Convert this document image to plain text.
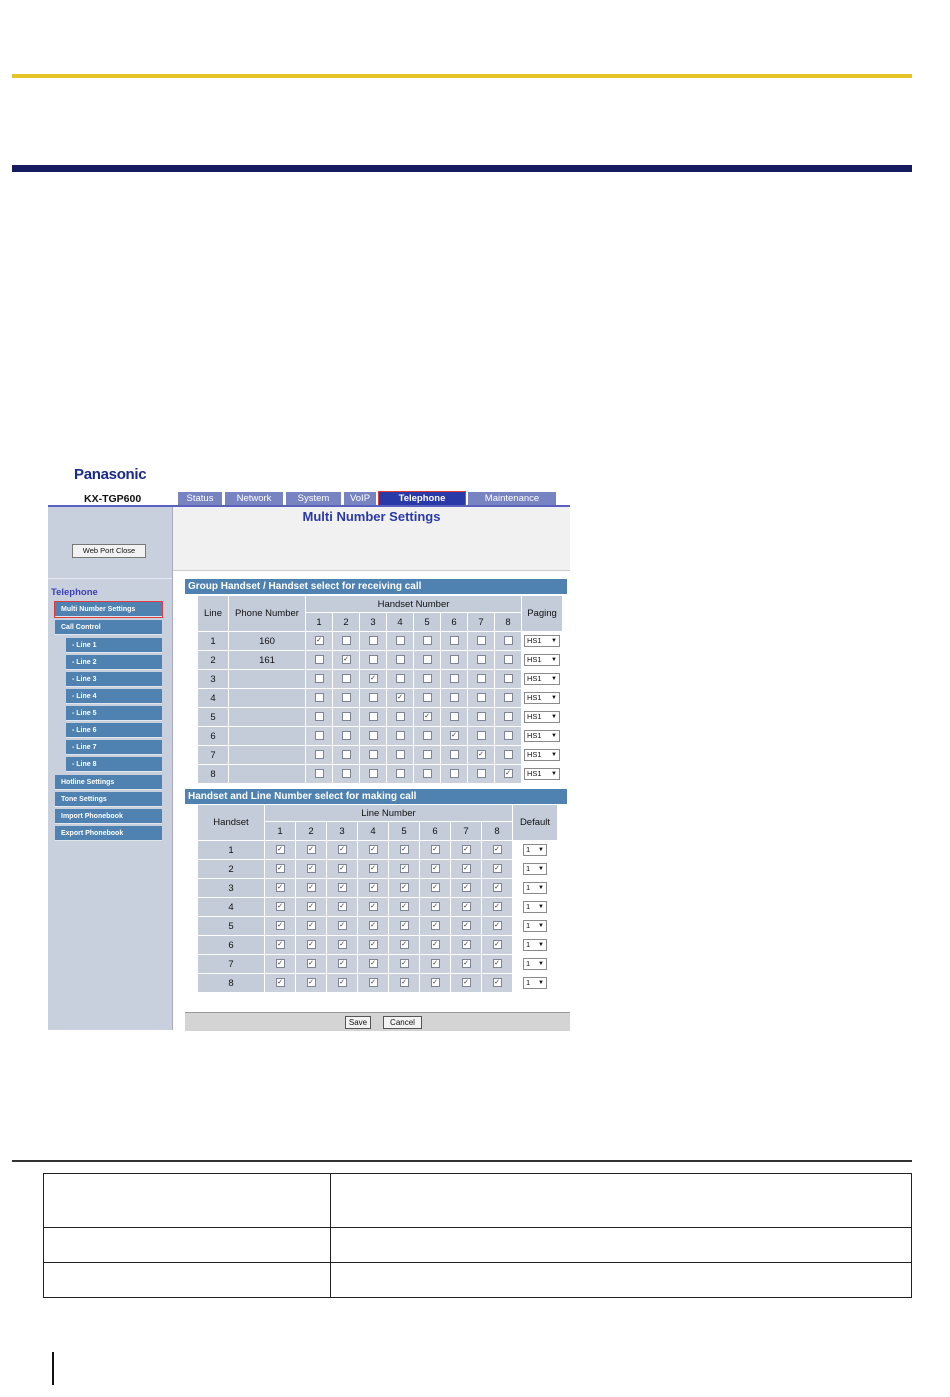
Panasonic
KX-TGP600	Status	Network	System	VoIP	Telephone	Maintenance
Web Port Close
Telephone
Multi Number Settings
Call Control
- Line 1
- Line 2
- Line 3
- Line 4
- Line 5
- Line 6
- Line 7
- Line 8
Hotline Settings
Tone Settings
Import Phonebook
Export Phonebook
Multi Number Settings
Group Handset / Handset select for receiving call
Line	Phone Number	Handset Number								Paging
		1	2	3	4	5	6	7	8	
1	160	✓								HS1 ▼

2	161		✓							HS1 ▼

3				✓						HS1 ▼

4					✓					HS1 ▼

5						✓				HS1 ▼

6							✓			HS1 ▼

7								✓		HS1 ▼

8									✓	HS1 ▼
Handset and Line Number select for making call
Handset	Line Number								Default
	1	2	3	4	5	6	7	8	
1	✓	✓	✓	✓	✓	✓	✓	✓	1 ▼

2	✓	✓	✓	✓	✓	✓	✓	✓	1 ▼

3	✓	✓	✓	✓	✓	✓	✓	✓	1 ▼

4	✓	✓	✓	✓	✓	✓	✓	✓	1 ▼

5	✓	✓	✓	✓	✓	✓	✓	✓	1 ▼

6	✓	✓	✓	✓	✓	✓	✓	✓	1 ▼

7	✓	✓	✓	✓	✓	✓	✓	✓	1 ▼

8	✓	✓	✓	✓	✓	✓	✓	✓	1 ▼
Save	Cancel
